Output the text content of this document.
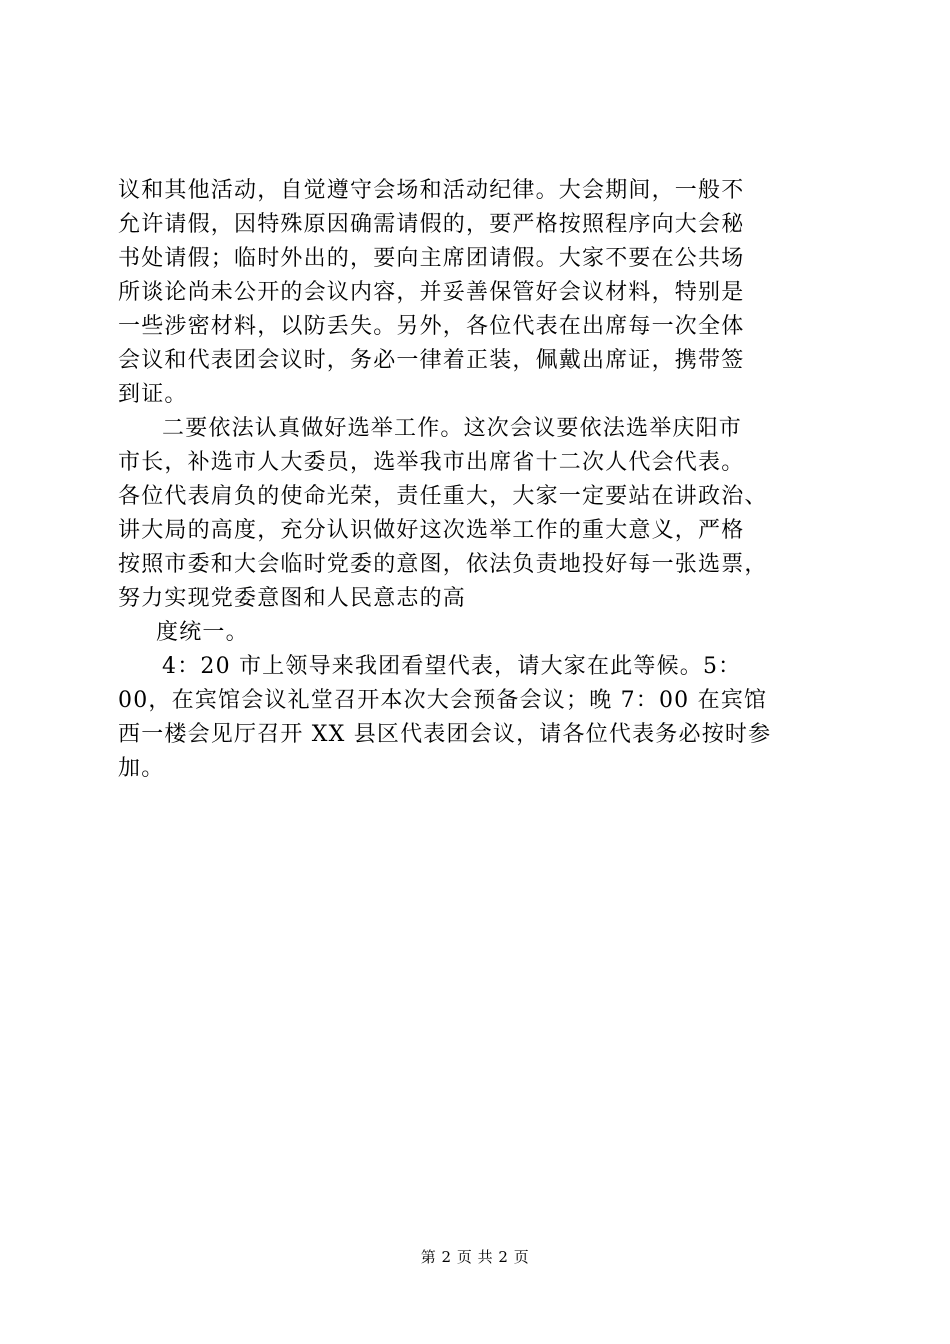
议和其他活动，自觉遵守会场和活动纪律。大会期间，一般不
允许请假，因特殊原因确需请假的，要严格按照程序向大会秘
书处请假；临时外出的，要向主席团请假。大家不要在公共场
所谈论尚未公开的会议内容，并妥善保管好会议材料，特别是
一些涉密材料，以防丢失。另外，各位代表在出席每一次全体
会议和代表团会议时，务必一律着正装，佩戴出席证，携带签
到证。
二要依法认真做好选举工作。这次会议要依法选举庆阳市
市长，补选市人大委员，选举我市出席省十二次人代会代表。
各位代表肩负的使命光荣，责任重大，大家一定要站在讲政治、
讲大局的高度，充分认识做好这次选举工作的重大意义，严格
按照市委和大会临时党委的意图，依法负责地投好每一张选票，
努力实现党委意图和人民意志的高
度统一。
4：20 市上领导来我团看望代表，请大家在此等候。5：
00，在宾馆会议礼堂召开本次大会预备会议；晚 7：00 在宾馆
西一楼会见厅召开 XX 县区代表团会议，请各位代表务必按时参
加。
第 2 页 共 2 页
